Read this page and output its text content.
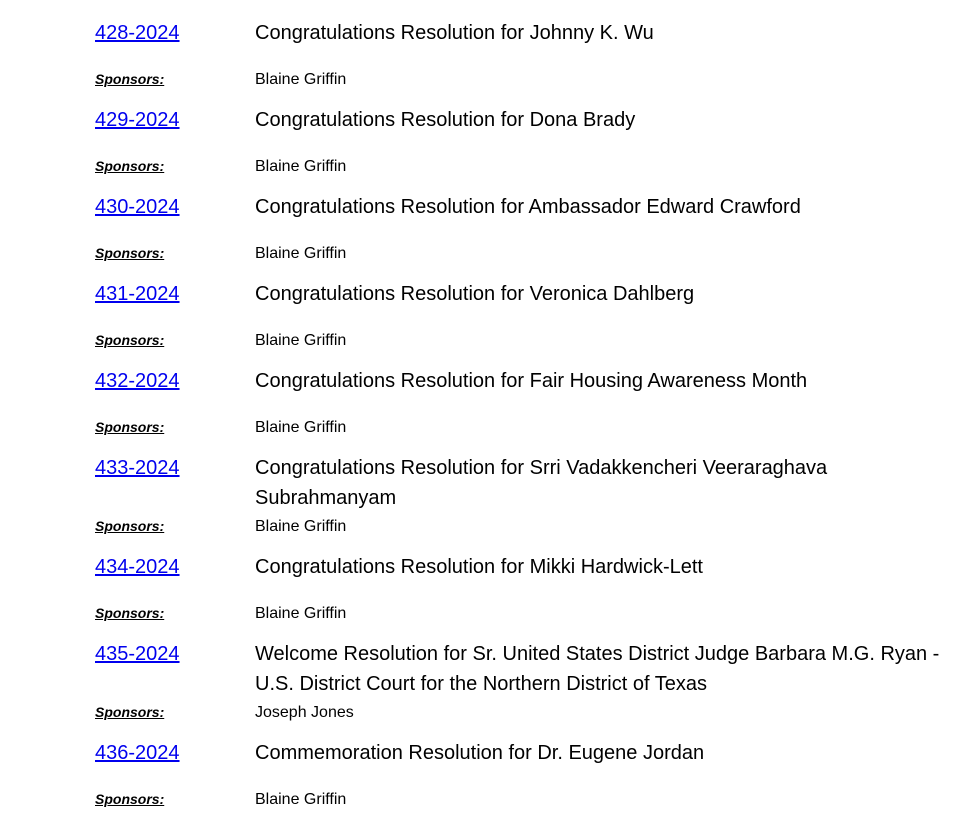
428-2024	Congratulations Resolution for Johnny K. Wu
Sponsors:	Blaine Griffin
429-2024	Congratulations Resolution for Dona Brady
Sponsors:	Blaine Griffin
430-2024	Congratulations Resolution for Ambassador Edward Crawford
Sponsors:	Blaine Griffin
431-2024	Congratulations Resolution for Veronica Dahlberg
Sponsors:	Blaine Griffin
432-2024	Congratulations Resolution for Fair Housing Awareness Month
Sponsors:	Blaine Griffin
433-2024	Congratulations Resolution for Srri Vadakkencheri Veeraraghava Subrahmanyam
Sponsors:	Blaine Griffin
434-2024	Congratulations Resolution for Mikki Hardwick-Lett
Sponsors:	Blaine Griffin
435-2024	Welcome Resolution for Sr. United States District Judge Barbara M.G. Ryan - U.S. District Court for the Northern District of Texas
Sponsors:	Joseph Jones
436-2024	Commemoration Resolution for Dr. Eugene Jordan
Sponsors:	Blaine Griffin
